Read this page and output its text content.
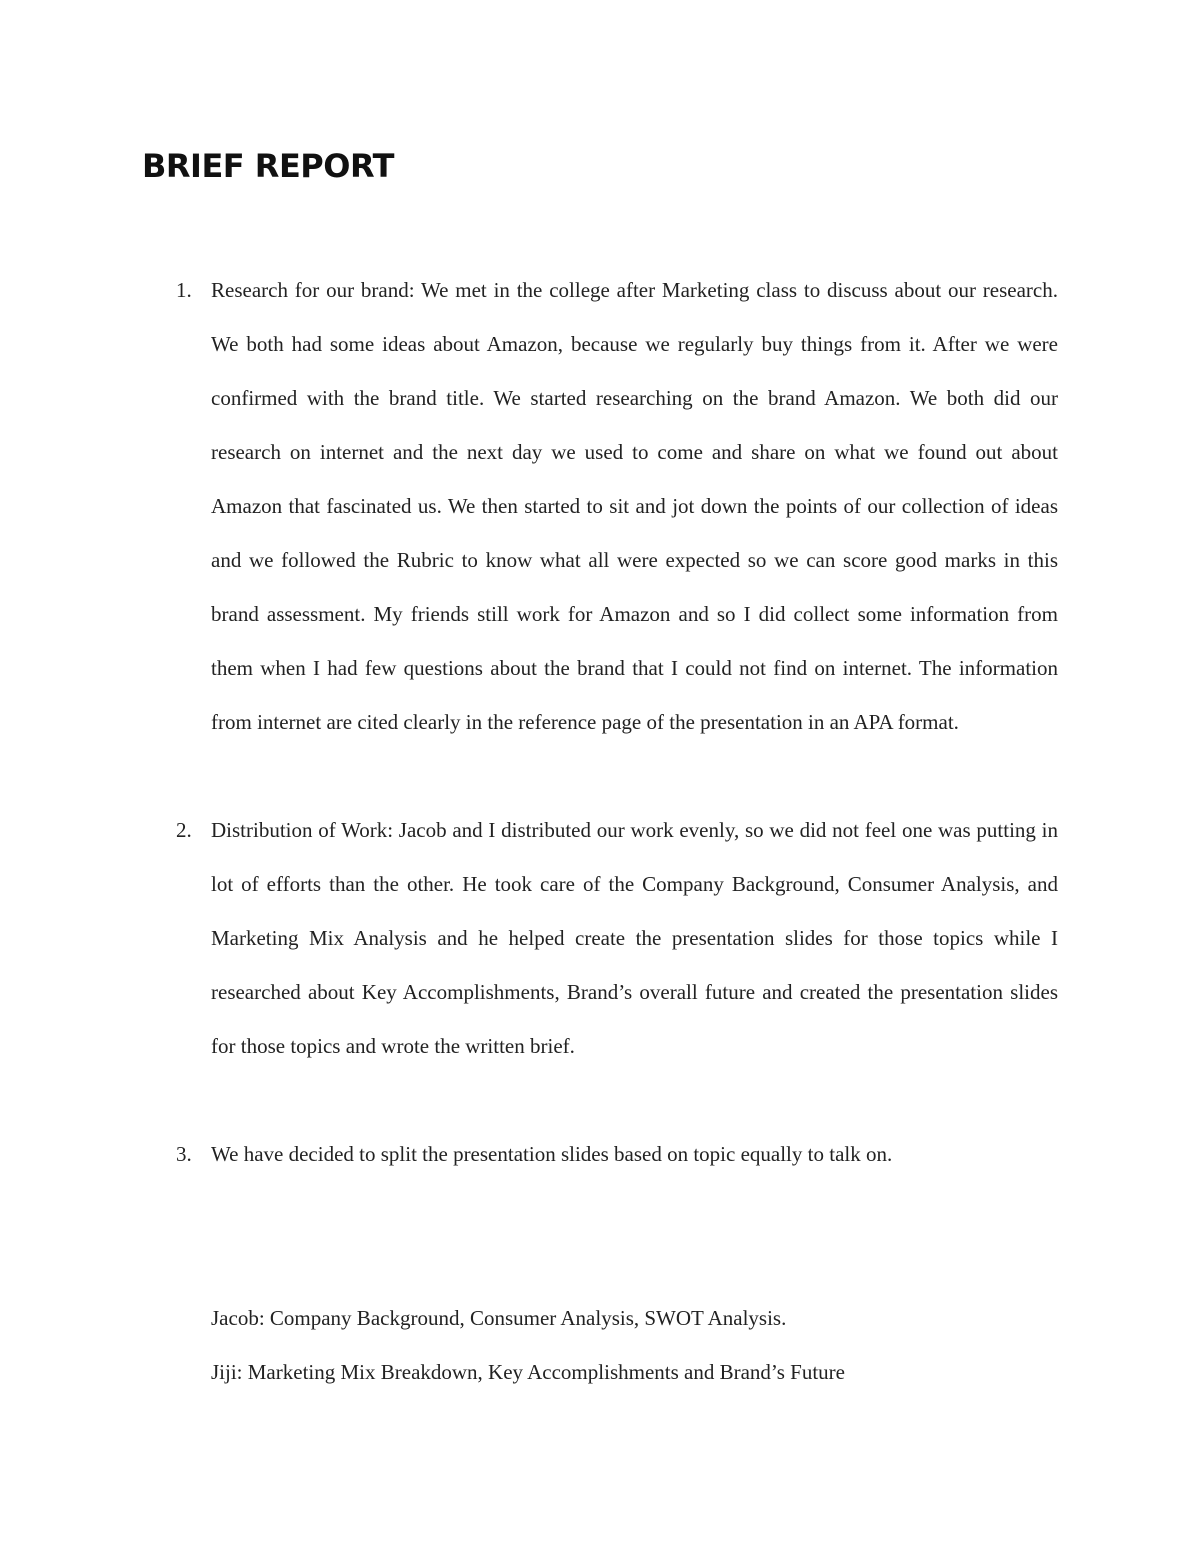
BRIEF REPORT
1. Research for our brand: We met in the college after Marketing class to discuss about our research. We both had some ideas about Amazon, because we regularly buy things from it. After we were confirmed with the brand title. We started researching on the brand Amazon. We both did our research on internet and the next day we used to come and share on what we found out about Amazon that fascinated us. We then started to sit and jot down the points of our collection of ideas and we followed the Rubric to know what all were expected so we can score good marks in this brand assessment. My friends still work for Amazon and so I did collect some information from them when I had few questions about the brand that I could not find on internet. The information from internet are cited clearly in the reference page of the presentation in an APA format.
2. Distribution of Work: Jacob and I distributed our work evenly, so we did not feel one was putting in lot of efforts than the other. He took care of the Company Background, Consumer Analysis, and Marketing Mix Analysis and he helped create the presentation slides for those topics while I researched about Key Accomplishments, Brand’s overall future and created the presentation slides for those topics and wrote the written brief.
3. We have decided to split the presentation slides based on topic equally to talk on.
Jacob: Company Background, Consumer Analysis, SWOT Analysis.
Jiji: Marketing Mix Breakdown, Key Accomplishments and Brand’s Future
